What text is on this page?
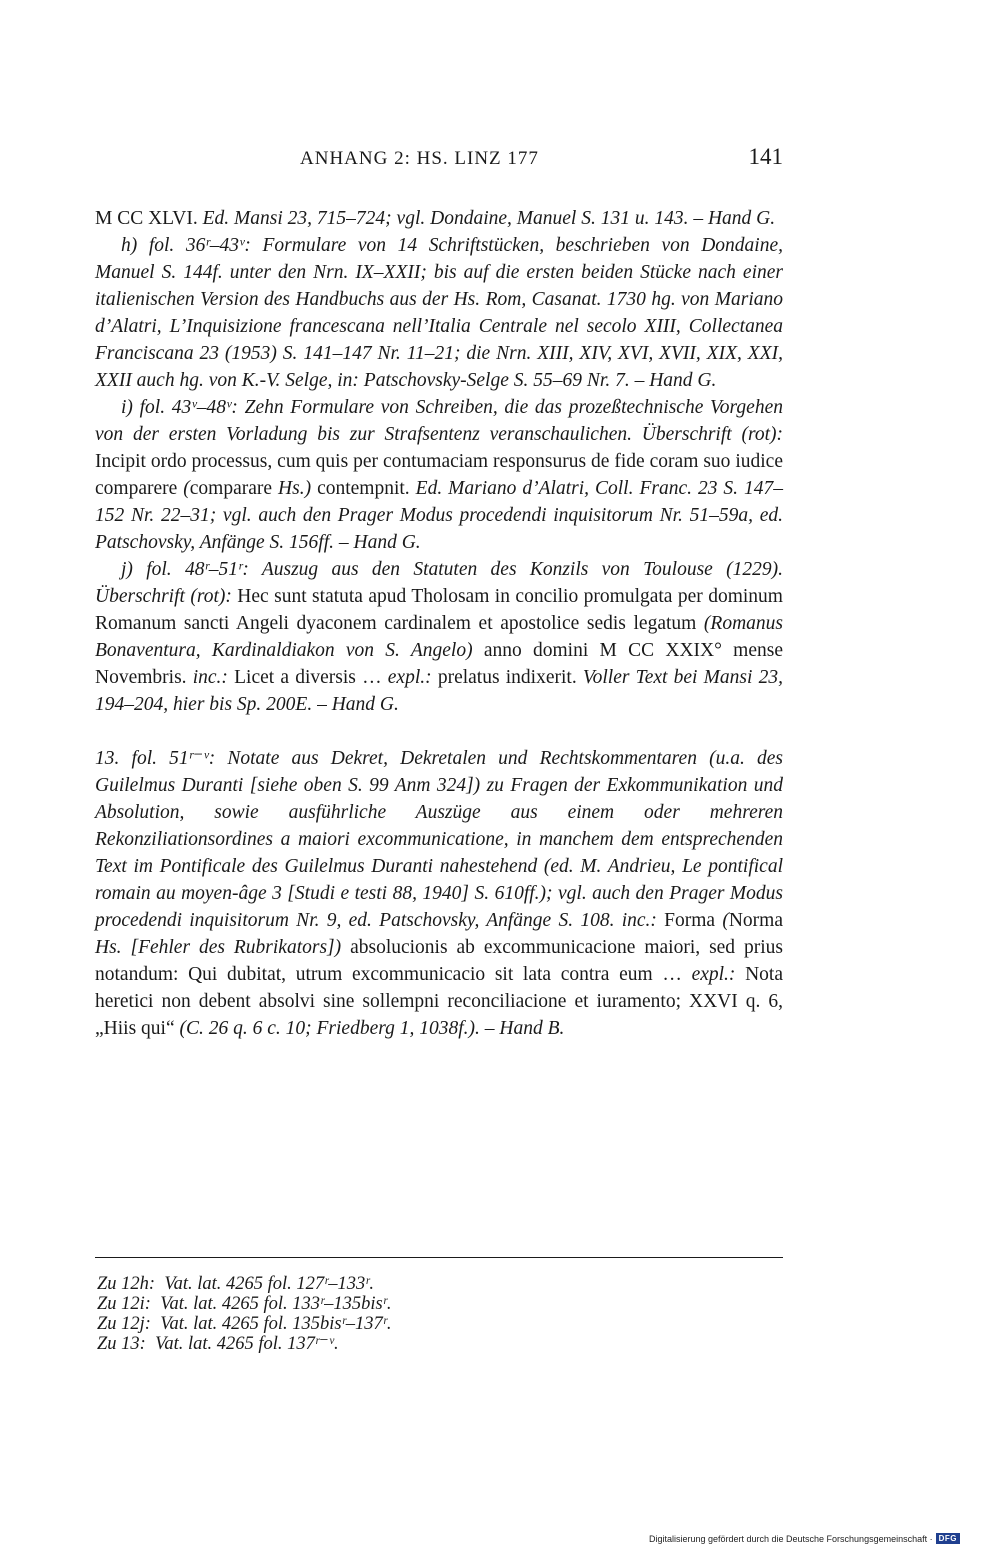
ANHANG 2: HS. LINZ 177	141

M CC XLVI. Ed. Mansi 23, 715–724; vgl. Dondaine, Manuel S. 131 u. 143. – Hand G.

h) fol. 36ʳ–43ᵛ: Formulare von 14 Schriftstücken, beschrieben von Dondaine, Manuel S. 144f. unter den Nrn. IX–XXII; bis auf die ersten beiden Stücke nach einer italienischen Version des Handbuchs aus der Hs. Rom, Casanat. 1730 hg. von Mariano d’Alatri, L’Inquisizione francescana nell’Italia Centrale nel secolo XIII, Collectanea Franciscana 23 (1953) S. 141–147 Nr. 11–21; die Nrn. XIII, XIV, XVI, XVII, XIX, XXI, XXII auch hg. von K.-V. Selge, in: Patschovsky-Selge S. 55–69 Nr. 7. – Hand G.

i) fol. 43ᵛ–48ᵛ: Zehn Formulare von Schreiben, die das prozeßtechnische Vorgehen von der ersten Vorladung bis zur Strafsentenz veranschaulichen. Überschrift (rot): Incipit ordo processus, cum quis per contumaciam responsurus de fide coram suo iudice comparere (comparare Hs.) contempnit. Ed. Mariano d’Alatri, Coll. Franc. 23 S. 147–152 Nr. 22–31; vgl. auch den Prager Modus procedendi inquisitorum Nr. 51–59a, ed. Patschovsky, Anfänge S. 156ff. – Hand G.

j) fol. 48ʳ–51ʳ: Auszug aus den Statuten des Konzils von Toulouse (1229). Überschrift (rot): Hec sunt statuta apud Tholosam in concilio promulgata per dominum Romanum sancti Angeli dyaconem cardinalem et apostolice sedis legatum (Romanus Bonaventura, Kardinaldiakon von S. Angelo) anno domini M CC XXIX° mense Novembris. inc.: Licet a diversis … expl.: prelatus indixerit. Voller Text bei Mansi 23, 194–204, hier bis Sp. 200E. – Hand G.

13. fol. 51ʳ⁻ᵛ: Notate aus Dekret, Dekretalen und Rechtskommentaren (u.a. des Guilelmus Duranti [siehe oben S. 99 Anm 324]) zu Fragen der Exkommunikation und Absolution, sowie ausführliche Auszüge aus einem oder mehreren Rekonziliationsordines a maiori excommunicatione, in manchem dem entsprechenden Text im Pontificale des Guilelmus Duranti nahestehend (ed. M. Andrieu, Le pontifical romain au moyen-âge 3 [Studi e testi 88, 1940] S. 610ff.); vgl. auch den Prager Modus procedendi inquisitorum Nr. 9, ed. Patschovsky, Anfänge S. 108. inc.: Forma (Norma Hs. [Fehler des Rubrikators]) absolucionis ab excommunicacione maiori, sed prius notandum: Qui dubitat, utrum excommunicacio sit lata contra eum … expl.: Nota heretici non debent absolvi sine sollempni reconciliacione et iuramento; XXVI q. 6, „Hiis qui“ (C. 26 q. 6 c. 10; Friedberg 1, 1038f.). – Hand B.

Zu 12h:  Vat. lat. 4265 fol. 127ʳ–133ʳ.
Zu 12i:  Vat. lat. 4265 fol. 133ʳ–135bisʳ.
Zu 12j:  Vat. lat. 4265 fol. 135bisʳ–137ʳ.
Zu 13:  Vat. lat. 4265 fol. 137ʳ⁻ᵛ.
Digitalisierung gefördert durch die Deutsche Forschungsgemeinschaft · DFG
